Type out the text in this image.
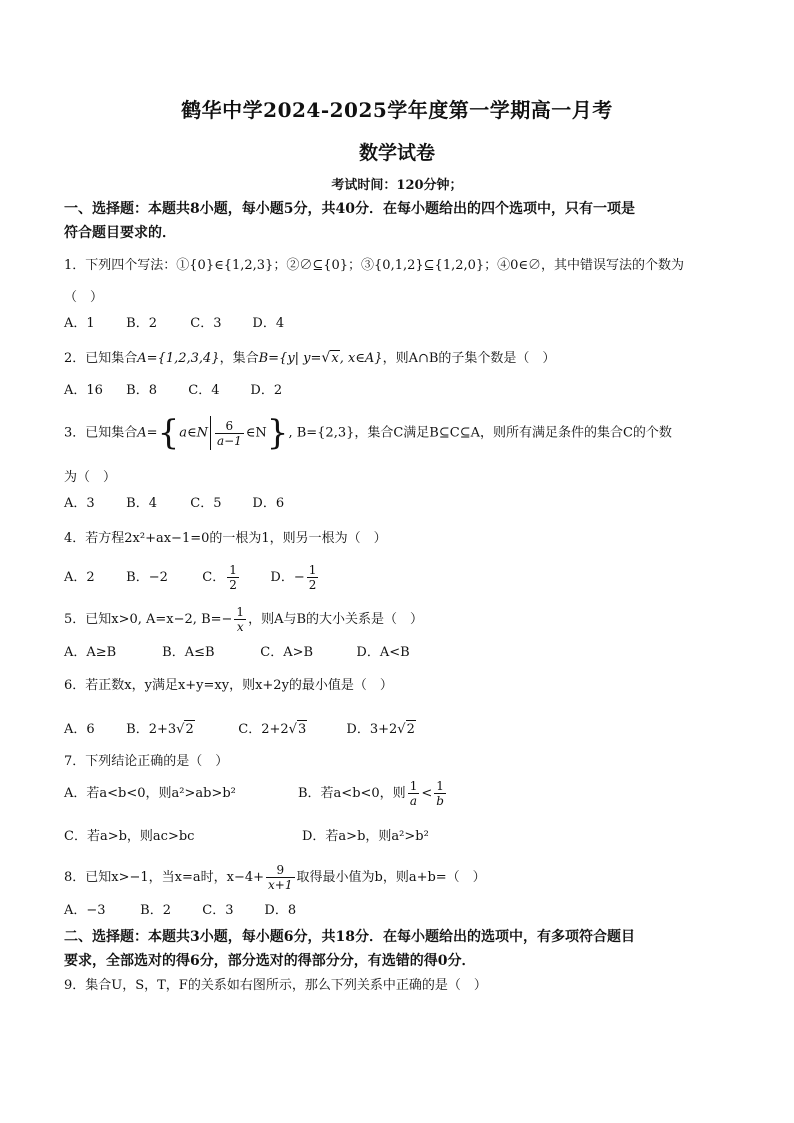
鹤华中学2024-2025学年度第一学期高一月考
数学试卷
考试时间：120分钟；
一、选择题：本题共8小题，每小题5分，共40分．在每小题给出的四个选项中，只有一项是
符合题目要求的．
1．下列四个写法：①{0}∈{1,2,3}；②∅⊆{0}；③{0,1,2}⊆{1,2,0}；④0∈∅，其中错误写法的个数为
（　）
A．1 B．2	C．3 D．4
2．已知集合A={1,2,3,4}，集合B={y| y=√x, x∈A}，则A∩B的子集个数是（　）
A．16 B．8 C．4 D．2
3．已知集合A={a∈N $\frac{6}{a-1}$ ∈N}, B={2,3}，集合C满足B⊆C⊆A，则所有满足条件的集合C的个数
为（　）
A．3 B．4	C．5 D．6
4．若方程2x²+ax−1=0的一根为1，则另一根为（　）
A．2 B．−2	C． $\frac{1}{2}$ D．− $\frac{1}{2}$
5．已知x>0, A=x−2, $B=- \frac{1}{x}$ ，则A与B的大小关系是（　）
A．A≥B	B．A≤B	C．A>B	D．A<B
6．若正数x，y满足x+y=xy，则x+2y的最小值是（　）
A．6 B．2+3√2	C．2+2√3	D．3+2√2
7．下列结论正确的是（　）
A．若a<b<0，则a²>ab>b²	B．若a<b<0，则 $\frac{1}{a} < \frac{1}{b}$
C．若a>b，则ac>bc	D．若a>b，则a²>b²
8．已知x>−1，当x=a时，$x-4+ \frac{9}{x+1}$ 取得最小值为b，则a+b=（　）
A．−3	B．2 C．3 D．8
二、选择题：本题共3小题，每小题6分，共18分．在每小题给出的选项中，有多项符合题目
要求，全部选对的得6分，部分选对的得部分分，有选错的得0分．
9．集合U，S，T，F的关系如右图所示，那么下列关系中正确的是（　）
